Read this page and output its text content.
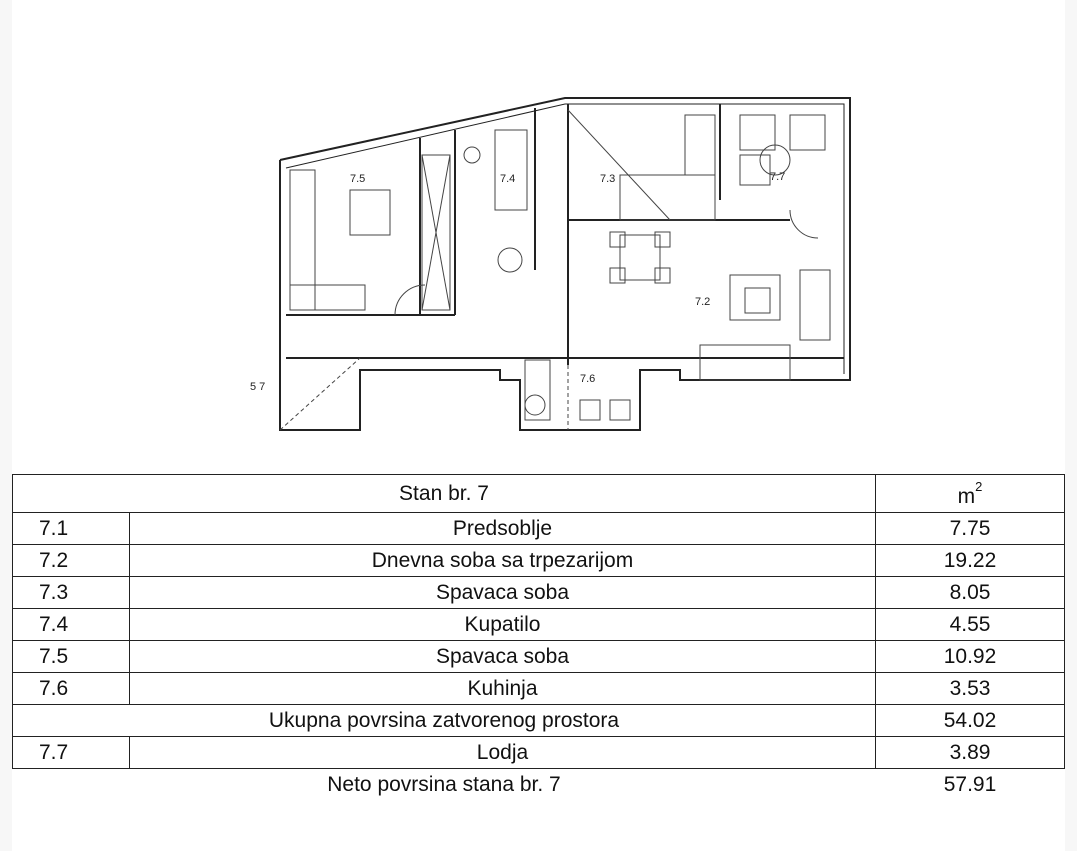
7.5	7.4	7.3	7.7
7.2
7.6
5 7
Stan br. 7		$m^2$
7.1	Predsoblje	7.75
7.2	Dnevna soba sa trpezarijom	19.22
7.3	Spavaca soba	8.05
7.4	Kupatilo	4.55
7.5	Spavaca soba	10.92
7.6	Kuhinja	3.53
Ukupna povrsina zatvorenog prostora		54.02
7.7	Lodja	3.89
Neto povrsina stana br. 7		57.91
